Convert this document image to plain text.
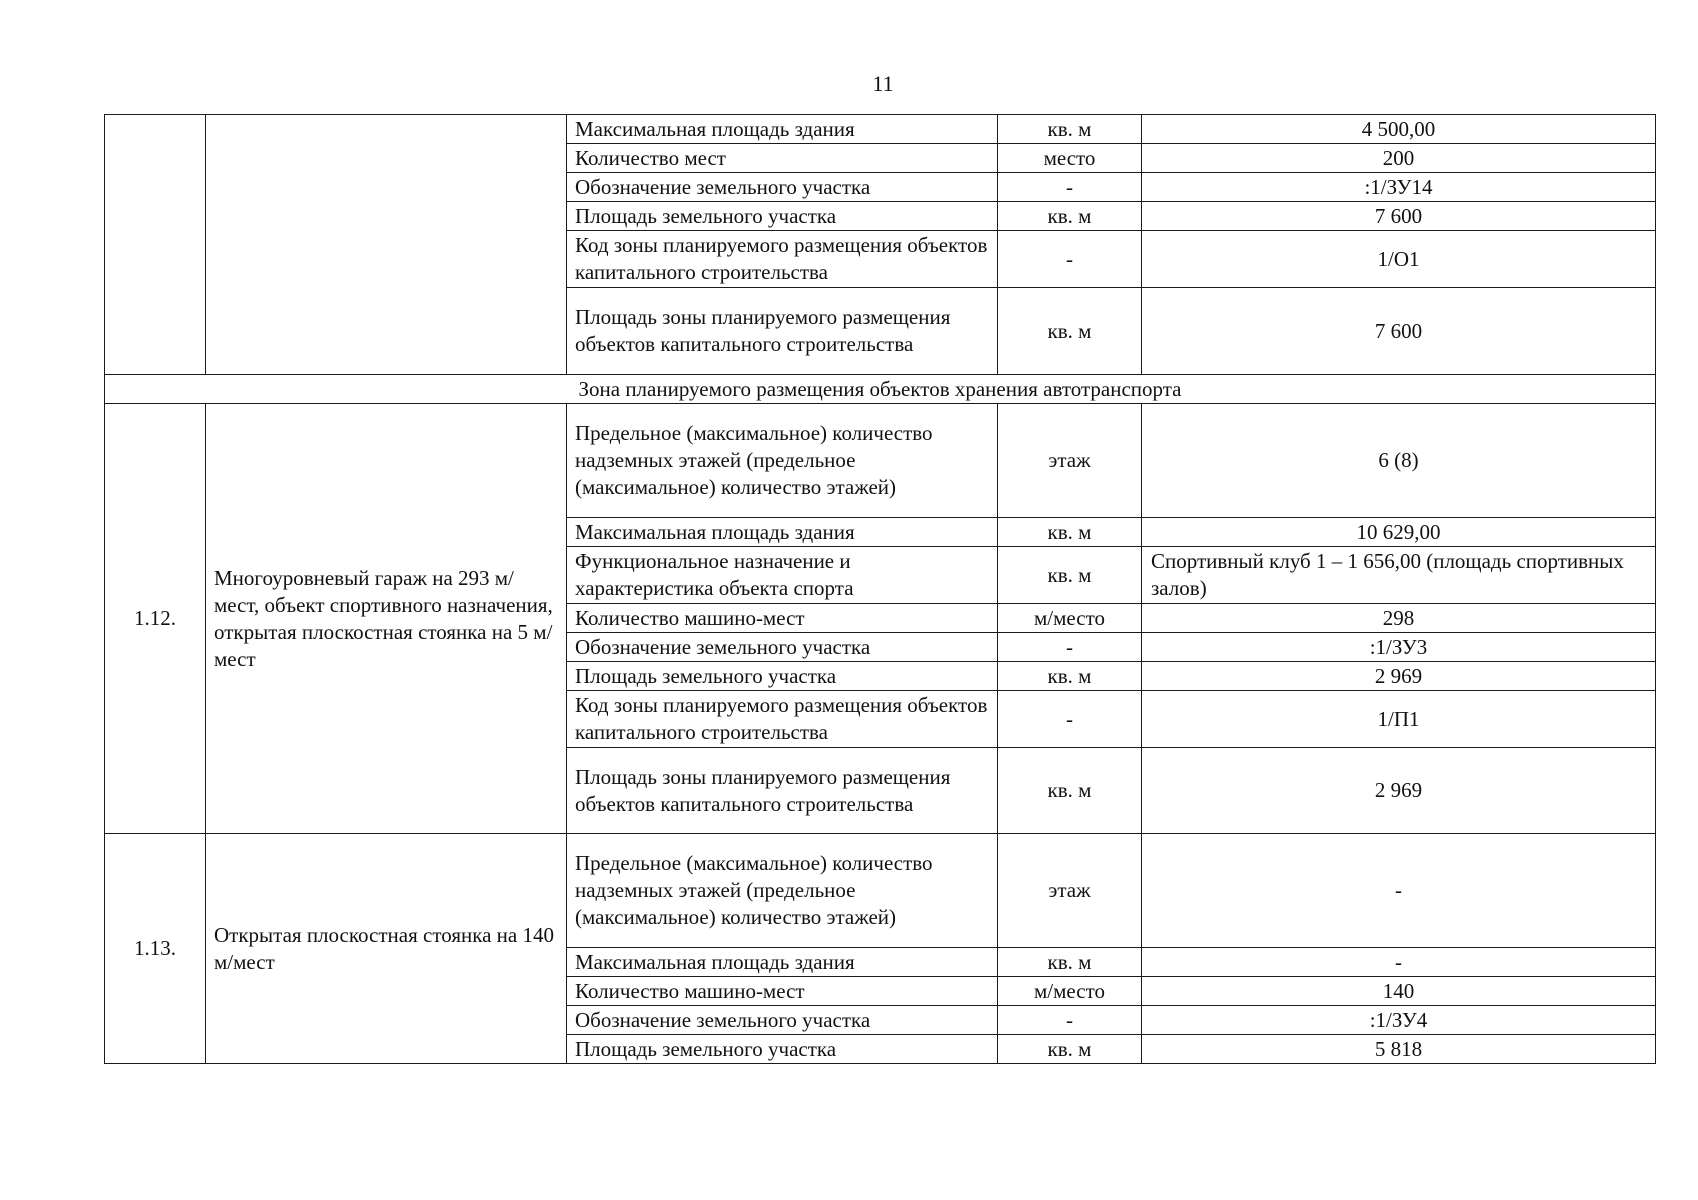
11
		Максимальная площадь здания	кв. м	4 500,00
		Количество мест	место	200
		Обозначение земельного участка	-	:1/ЗУ14
		Площадь земельного участка	кв. м	7 600
		Код зоны планируемого размещения объектов капитального строительства	-	1/О1
		Площадь зоны планируемого размещения объектов капитального строительства	кв. м	7 600
Зона планируемого размещения объектов хранения автотранспорта				
1.12.	Многоуровневый гараж на 293 м/мест, объект спортивного назначения, открытая плоскостная стоянка на 5 м/мест	Предельное (максимальное) количество надземных этажей (предельное (максимальное) количество этажей)	этаж	6 (8)
		Максимальная площадь здания	кв. м	10 629,00
		Функциональное назначение и характеристика объекта спорта	кв. м	Спортивный клуб 1 – 1 656,00 (площадь спортивных залов)
		Количество машино-мест	м/место	298
		Обозначение земельного участка	-	:1/ЗУ3
		Площадь земельного участка	кв. м	2 969
		Код зоны планируемого размещения объектов капитального строительства	-	1/П1
		Площадь зоны планируемого размещения объектов капитального строительства	кв. м	2 969
1.13.	Открытая плоскостная стоянка на 140 м/мест	Предельное (максимальное) количество надземных этажей (предельное (максимальное) количество этажей)	этаж	-
		Максимальная площадь здания	кв. м	-
		Количество машино-мест	м/место	140
		Обозначение земельного участка	-	:1/ЗУ4
		Площадь земельного участка	кв. м	5 818
